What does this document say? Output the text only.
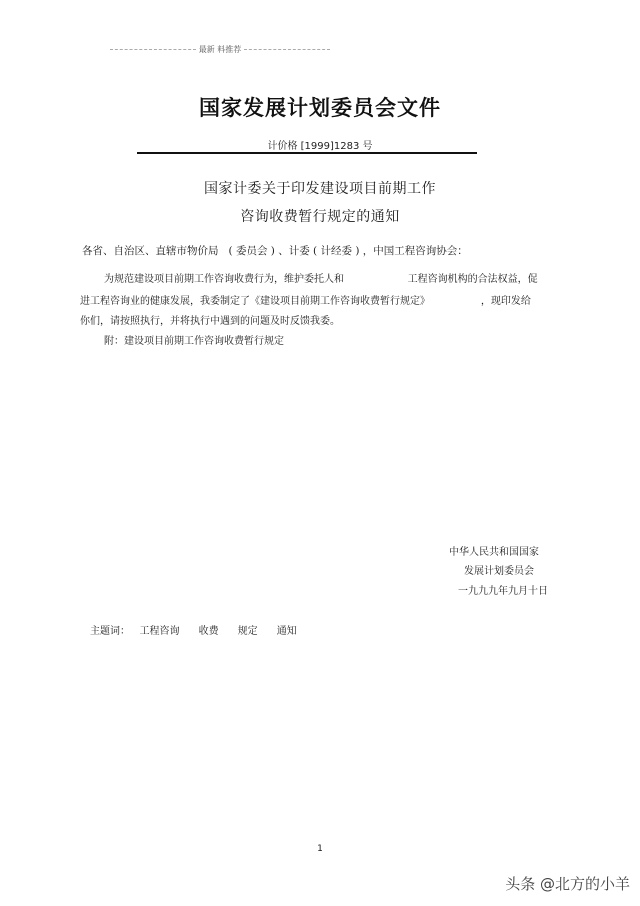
最新 料推荐
国家发展计划委员会文件
计价格 [1999]1283 号
国家计委关于印发建设项目前期工作
咨询收费暂行规定的通知
各省、自治区、直辖市物价局   ( 委员会 ) 、计委 ( 计经委 ) ，中国工程咨询协会：
为规范建设项目前期工作咨询收费行为，维护委托人和                    工程咨询机构的合法权益，促
进工程咨询业的健康发展，我委制定了《建设项目前期工作咨询收费暂行规定》                ，现印发给
你们，请按照执行，并将执行中遇到的问题及时反馈我委。
附：建设项目前期工作咨询收费暂行规定
中华人民共和国国家
发展计划委员会
一九九九年九月十日
主题词：   工程咨询      收费      规定      通知
1
头条 @北方的小羊
